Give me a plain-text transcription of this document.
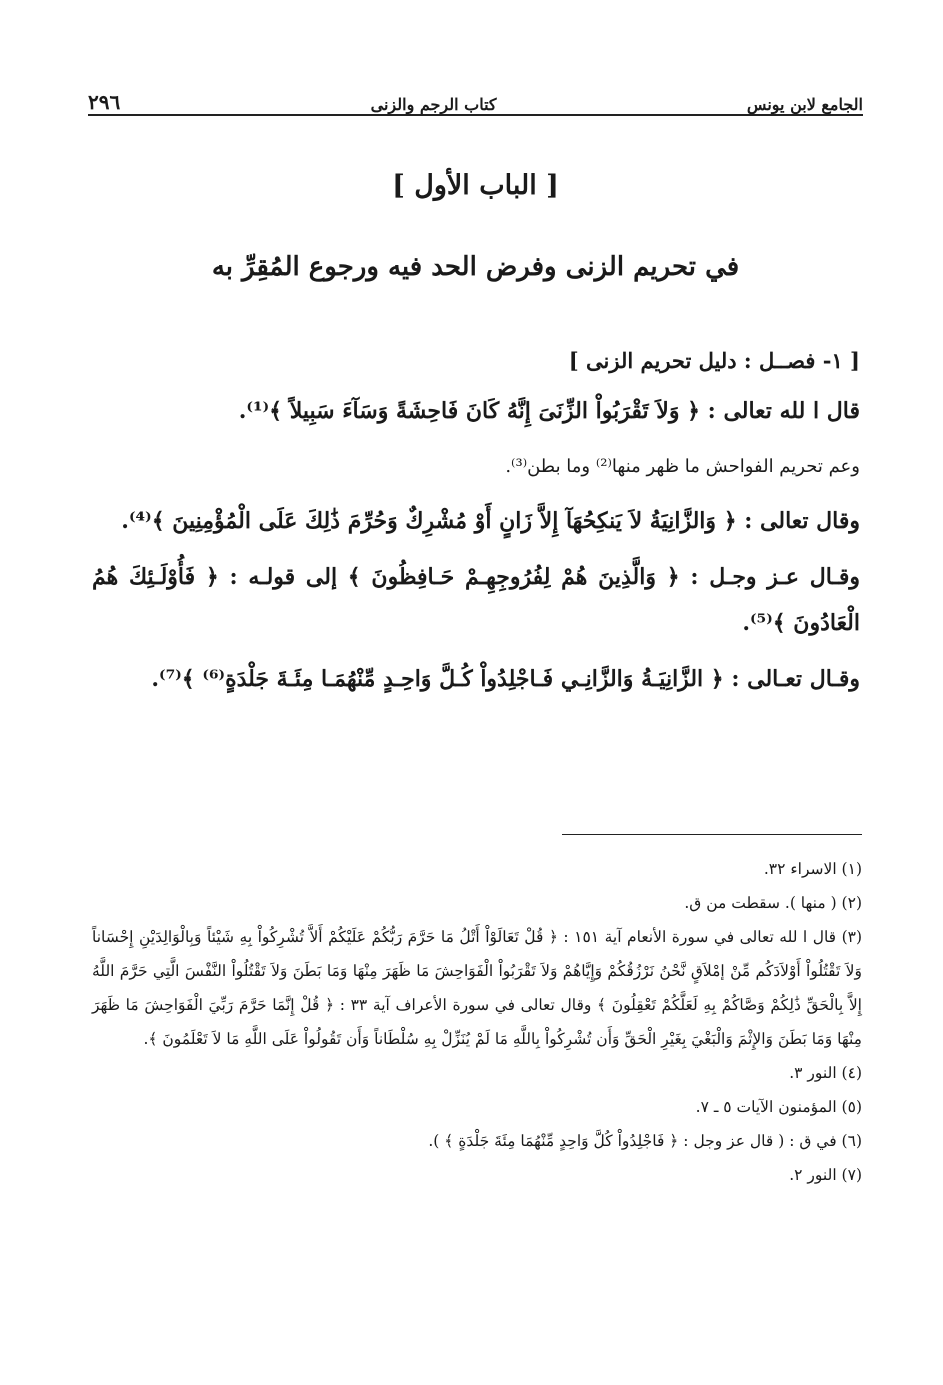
الجامع لابن يونس
كتاب الرجم والزنى
٢٩٦
[ الباب الأول ]
في تحريم الزنى وفرض الحد فيه ورجوع المُقِرِّ به

[ ١- فصــل : دليل تحريم الزنى ]

قال ا لله تعالى : ﴿ وَلاَ تَقْرَبُواْ الزِّنَىَ إِنَّهُ كَانَ فَاحِشَةً وَسَآءَ سَبِيلاً ﴾⁽¹⁾.

وعم تحريم الفواحش ما ظهر منها⁽²⁾ وما بطن⁽³⁾.

وقال تعالى : ﴿ وَالزَّانِيَةُ لاَ يَنكِحُهَآ إِلاَّ زَانٍ أَوْ مُشْرِكٌ وَحُرِّمَ ذَٰلِكَ عَلَى الْمُؤْمِنِينَ ﴾⁽⁴⁾.

وقـال عـز وجـل : ﴿ وَالَّذِينَ هُمْ لِفُرُوجِهِـمْ حَـافِظُونَ ﴾ إلى قولـه : ﴿ فَأُوْلَـئِكَ هُمُ الْعَادُونَ ﴾⁽⁵⁾.

وقـال تعـالى : ﴿ الزَّانِيَـةُ وَالزَّانِـي فَـاجْلِدُواْ كُـلَّ وَاحِـدٍ مِّنْهُمَـا مِئَـةَ جَلْدَةٍ⁽⁶⁾ ﴾⁽⁷⁾.

(١) الاسراء ٣٢.

(٢) ( منها ). سقطت من ق.

(٣) قال ا لله تعالى في سورة الأنعام آية ١٥١ : ﴿ قُلْ تَعَالَوْاْ أَتْلُ مَا حَرَّمَ رَبُّكُمْ عَلَيْكُمْ أَلاَّ تُشْرِكُواْ بِهِ شَيْئاً وَبِالْوَالِدَيْنِ إِحْسَاناً وَلاَ تَقْتُلُواْ أَوْلاَدَكُم مِّنْ إمْلاَقٍ نَّحْنُ نَرْزُقُكُمْ وَإِيَّاهُمْ وَلاَ تَقْرَبُواْ الْفَوَاحِشَ مَا ظَهَرَ مِنْهَا وَمَا بَطَنَ وَلاَ تَقْتُلُواْ النَّفْسَ الَّتِي حَرَّمَ اللَّهُ إِلاَّ بِالْحَقِّ ذَٰلِكُمْ وَصَّاكُمْ بِهِ لَعَلَّكُمْ تَعْقِلُونَ ﴾ وقال تعالى في سورة الأعراف آية ٣٣ : ﴿ قُلْ إِنَّمَا حَرَّمَ رَبِّيَ الْفَوَاحِشَ مَا ظَهَرَ مِنْهَا وَمَا بَطَنَ وَالإِثْمَ وَالْبَغْيَ بِغَيْرِ الْحَقِّ وَأَن تُشْرِكُواْ بِاللَّهِ مَا لَمْ يُنَزِّلْ بِهِ سُلْطَاناً وَأَن تَقُولُواْ عَلَى اللَّهِ مَا لاَ تَعْلَمُونَ ﴾.

(٤) النور ٣.

(٥) المؤمنون الآيات ٥ ـ ٧.

(٦) في ق : ( قال عز وجل : ﴿ فَاجْلِدُواْ كُلَّ وَاحِدٍ مِّنْهُمَا مِئَةَ جَلْدَةٍ ﴾ ).

(٧) النور ٢.
